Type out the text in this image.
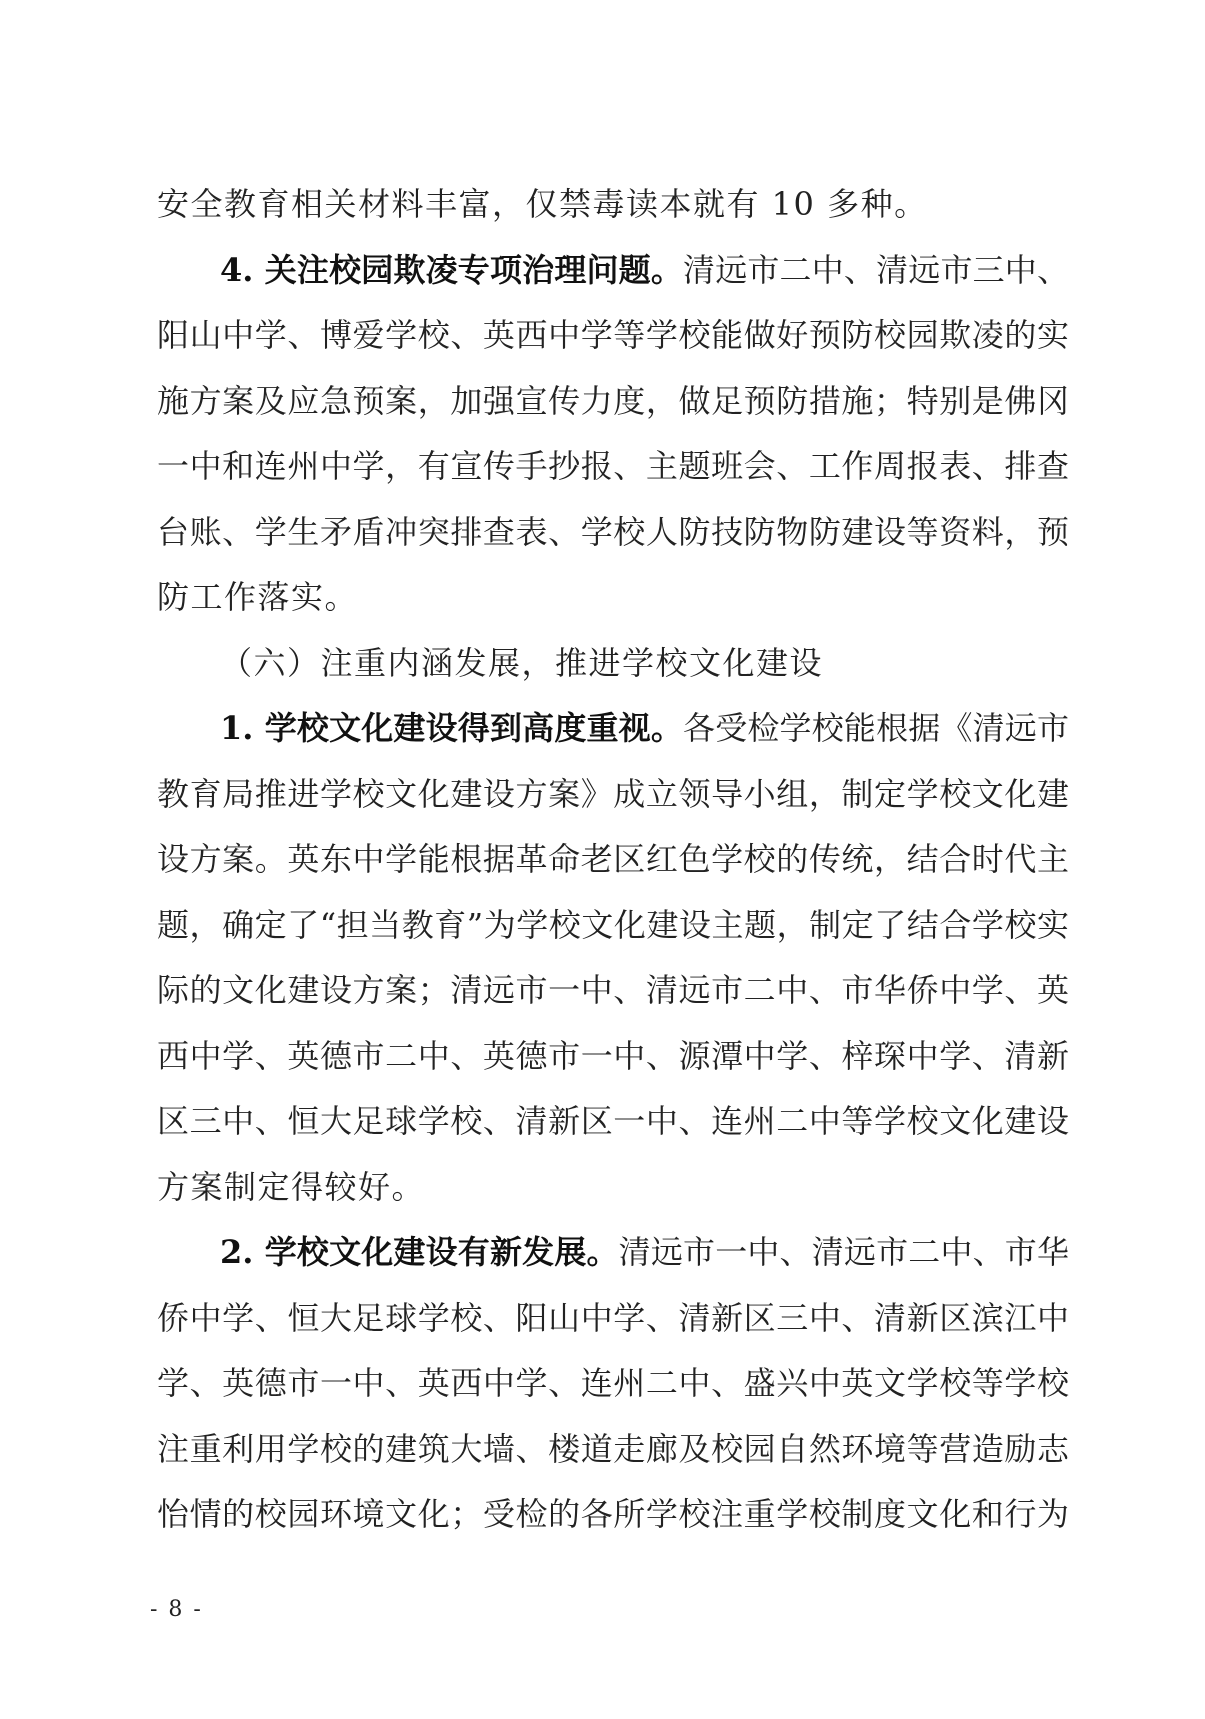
安全教育相关材料丰富，仅禁毒读本就有 10 多种。
4. 关注校园欺凌专项治理问题。清远市二中、清远市三中、
阳山中学、博爱学校、英西中学等学校能做好预防校园欺凌的实
施方案及应急预案，加强宣传力度，做足预防措施；特别是佛冈
一中和连州中学，有宣传手抄报、主题班会、工作周报表、排查
台账、学生矛盾冲突排查表、学校人防技防物防建设等资料，预
防工作落实。
（六）注重内涵发展，推进学校文化建设
1. 学校文化建设得到高度重视。各受检学校能根据《清远市
教育局推进学校文化建设方案》成立领导小组，制定学校文化建
设方案。英东中学能根据革命老区红色学校的传统，结合时代主
题，确定了“担当教育”为学校文化建设主题，制定了结合学校实
际的文化建设方案；清远市一中、清远市二中、市华侨中学、英
西中学、英德市二中、英德市一中、源潭中学、梓琛中学、清新
区三中、恒大足球学校、清新区一中、连州二中等学校文化建设
方案制定得较好。
2. 学校文化建设有新发展。清远市一中、清远市二中、市华
侨中学、恒大足球学校、阳山中学、清新区三中、清新区滨江中
学、英德市一中、英西中学、连州二中、盛兴中英文学校等学校
注重利用学校的建筑大墙、楼道走廊及校园自然环境等营造励志
怡情的校园环境文化；受检的各所学校注重学校制度文化和行为
- 8 -
